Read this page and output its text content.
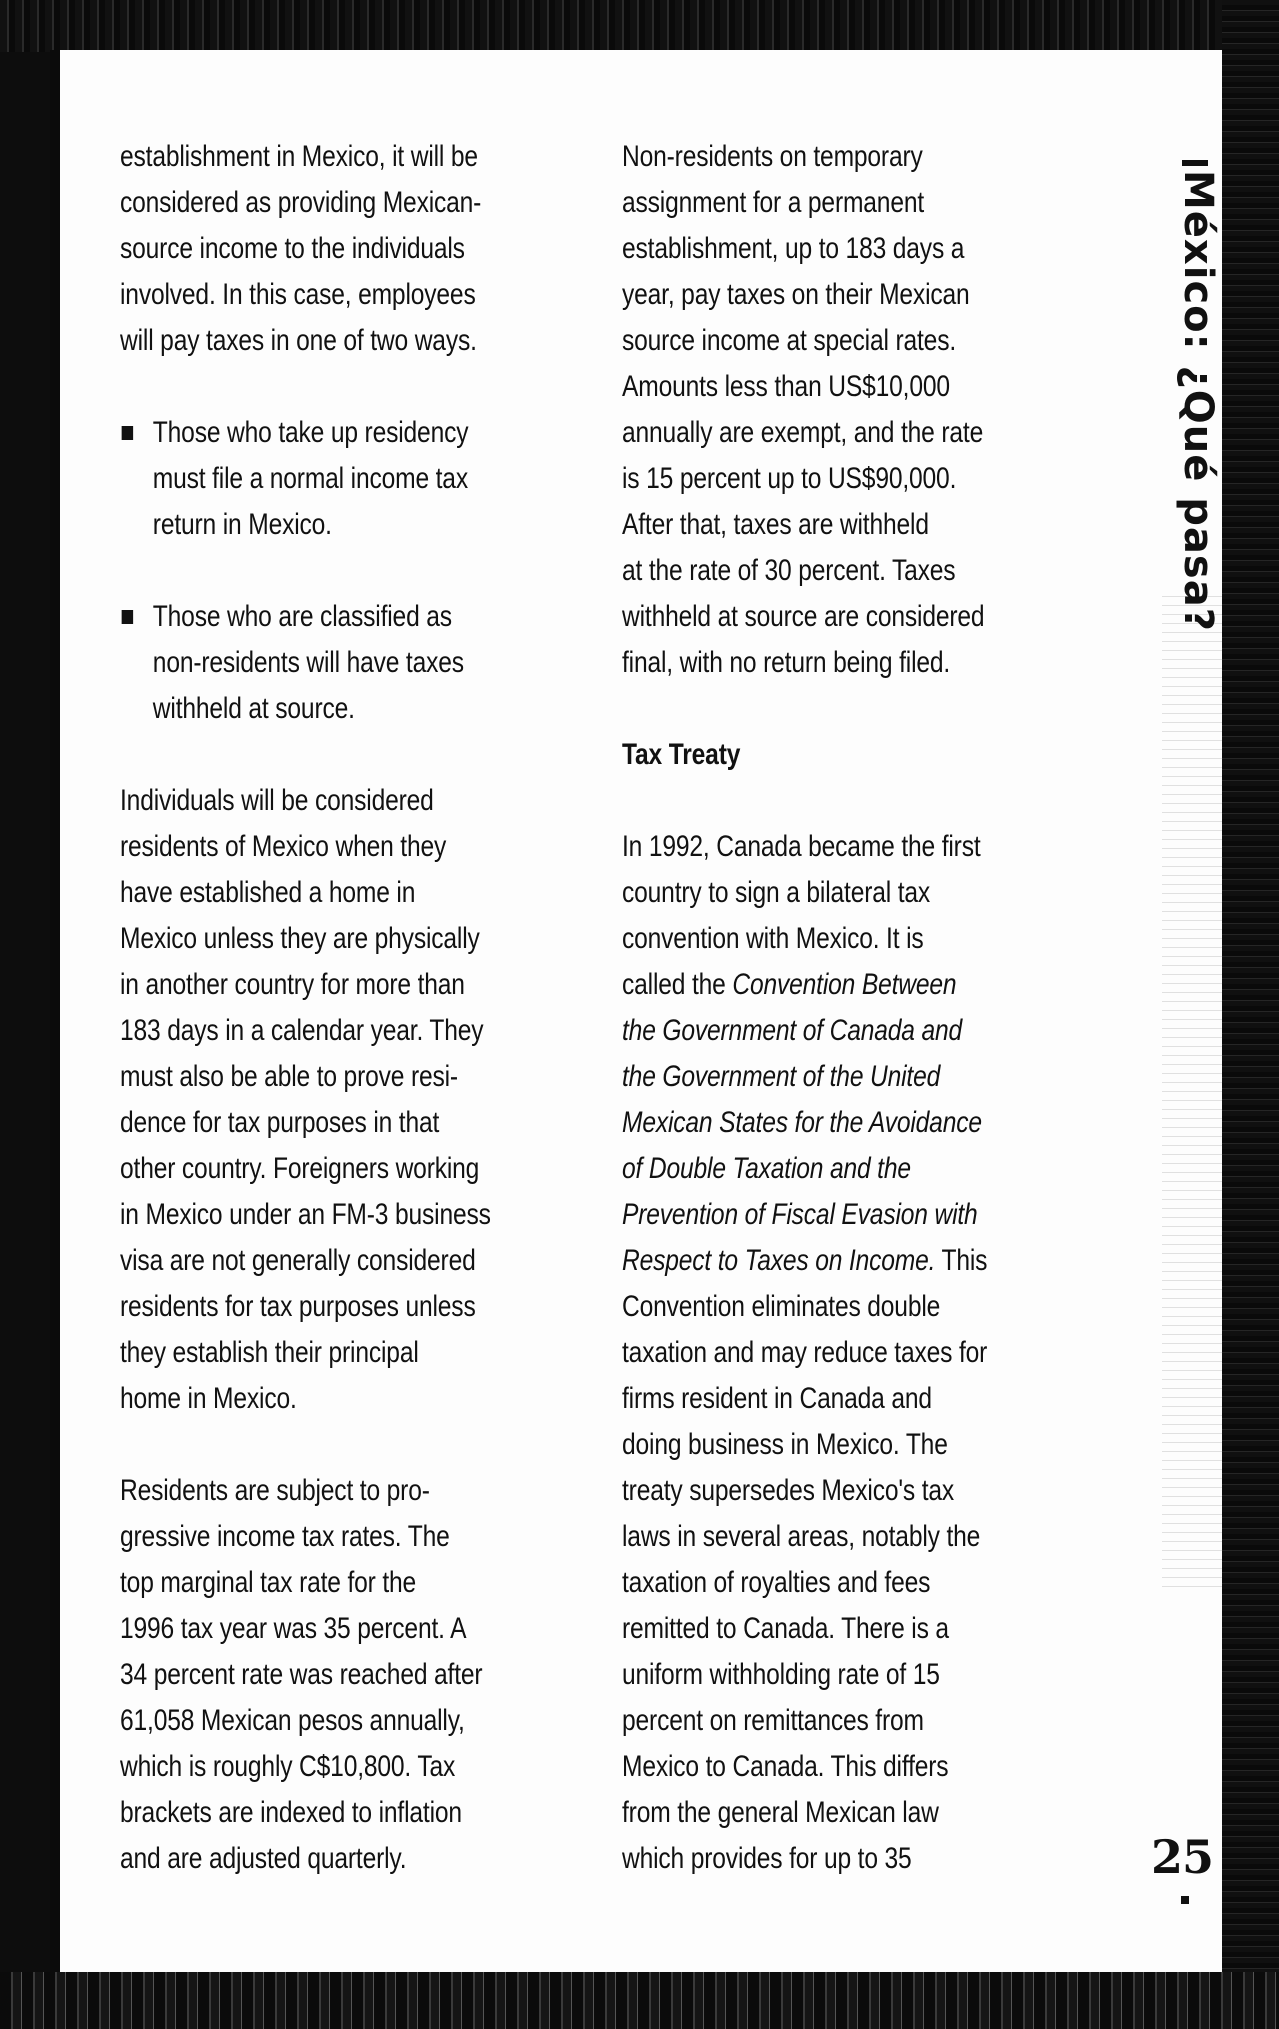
establishment in Mexico, it will be
considered as providing Mexican-
source income to the individuals
involved. In this case, employees
will pay taxes in one of two ways.
Those who take up residency
must file a normal income tax
return in Mexico.
Those who are classified as
non-residents will have taxes
withheld at source.
Individuals will be considered
residents of Mexico when they
have established a home in
Mexico unless they are physically
in another country for more than
183 days in a calendar year. They
must also be able to prove resi-
dence for tax purposes in that
other country. Foreigners working
in Mexico under an FM-3 business
visa are not generally considered
residents for tax purposes unless
they establish their principal
home in Mexico.
Residents are subject to pro-
gressive income tax rates. The
top marginal tax rate for the
1996 tax year was 35 percent. A
34 percent rate was reached after
61,058 Mexican pesos annually,
which is roughly C$10,800. Tax
brackets are indexed to inflation
and are adjusted quarterly.
Non-residents on temporary
assignment for a permanent
establishment, up to 183 days a
year, pay taxes on their Mexican
source income at special rates.
Amounts less than US$10,000
annually are exempt, and the rate
is 15 percent up to US$90,000.
After that, taxes are withheld
at the rate of 30 percent. Taxes
withheld at source are considered
final, with no return being filed.
Tax Treaty
In 1992, Canada became the first
country to sign a bilateral tax
convention with Mexico. It is
called the Convention Between
the Government of Canada and
the Government of the United
Mexican States for the Avoidance
of Double Taxation and the
Prevention of Fiscal Evasion with
Respect to Taxes on Income. This
Convention eliminates double
taxation and may reduce taxes for
firms resident in Canada and
doing business in Mexico. The
treaty supersedes Mexico's tax
laws in several areas, notably the
taxation of royalties and fees
remitted to Canada. There is a
uniform withholding rate of 15
percent on remittances from
Mexico to Canada. This differs
from the general Mexican law
which provides for up to 35
México: ¿Qué pasa?
25
